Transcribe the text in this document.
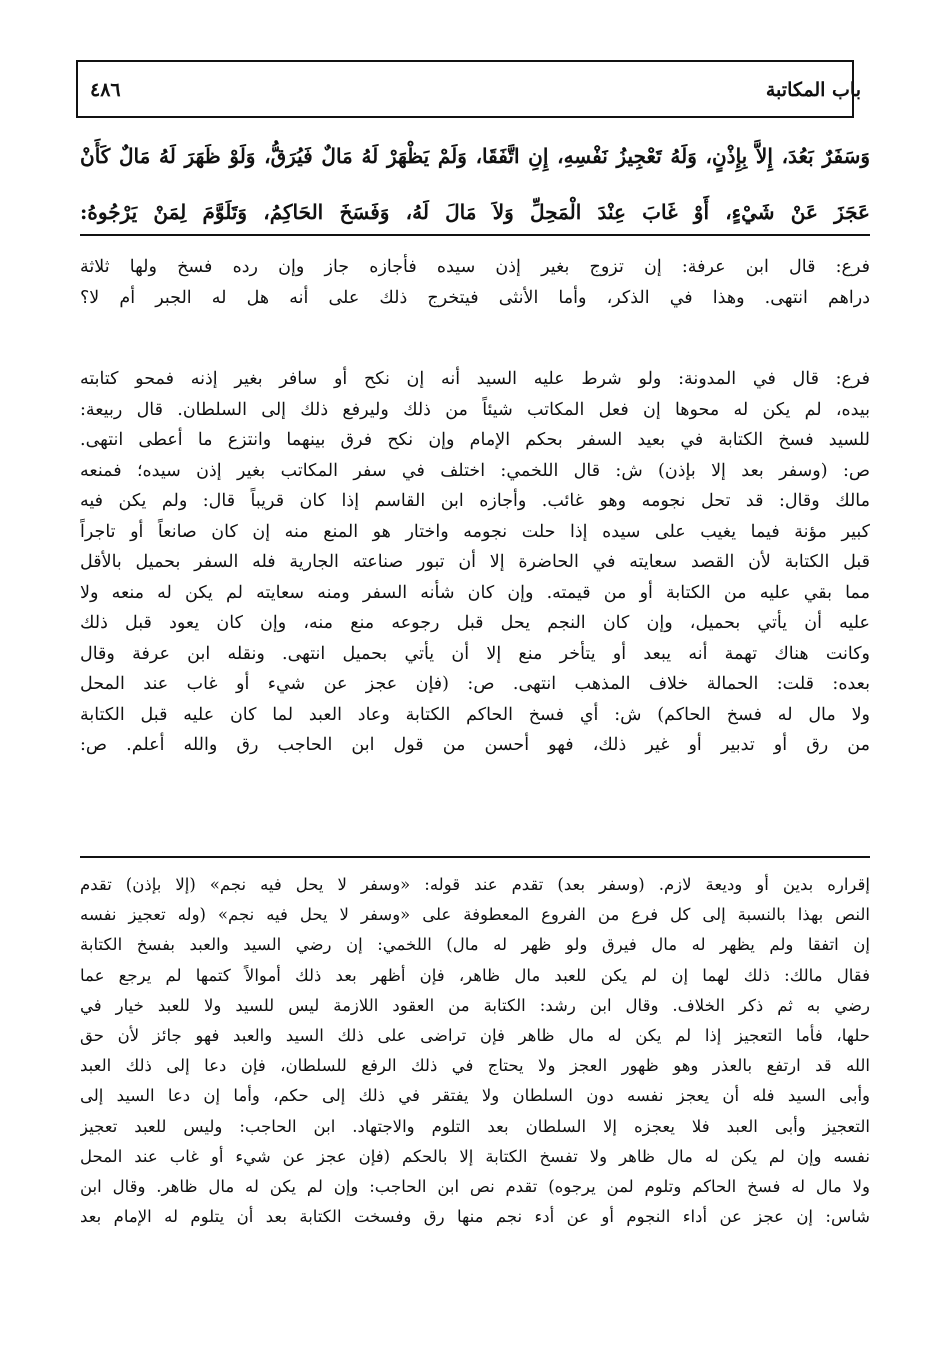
باب المكاتبة
٤٨٦
وَسَفَرٌ بَعُدَ، إِلاَّ بِإِذْنٍ، وَلَهُ تَعْجِيزُ نَفْسِهِ، إِنِ اتَّفَقَا، وَلَمْ يَظْهَرْ لَهُ مَالٌ فَيُرَقُّ، وَلَوْ ظَهَرَ لَهُ مَالٌ كَأَنْ
عَجَزَ عَنْ شَيْءٍ، أَوْ غَابَ عِنْدَ الْمَحِلِّ وَلاَ مَالَ لَهُ، وَفَسَخَ الحَاكِمُ، وَتَلَوَّمَ لِمَنْ يَرْجُوهُ:
فرع: قال ابن عرفة: إن تزوج بغير إذن سيده فأجازه جاز وإن رده فسخ ولها ثلاثة
دراهم انتهى. وهذا في الذكر، وأما الأنثى فيتخرج ذلك على أنه هل له الجبر أم لا؟
فرع: قال في المدونة: ولو شرط عليه السيد أنه إن نكح أو سافر بغير إذنه فمحو كتابته
بيده، لم يكن له محوها إن فعل المكاتب شيئاً من ذلك وليرفع ذلك إلى السلطان. قال ربيعة:
للسيد فسخ الكتابة في بعيد السفر بحكم الإمام وإن نكح فرق بينهما وانتزع ما أعطى انتهى.
ص: (وسفر بعد إلا بإذن) ش: قال اللخمي: اختلف في سفر المكاتب بغير إذن سيده؛ فمنعه
مالك وقال: قد تحل نجومه وهو غائب. وأجازه ابن القاسم إذا كان قريباً قال: ولم يكن فيه
كبير مؤنة فيما يغيب على سيده إذا حلت نجومه واختار هو المنع منه إن كان صانعاً أو تاجراً
قبل الكتابة لأن القصد سعايته في الحاضرة إلا أن تبور صناعته الجارية فله السفر بحميل بالأقل
مما بقي عليه من الكتابة أو من قيمته. وإن كان شأنه السفر ومنه سعايته لم يكن له منعه ولا
عليه أن يأتي بحميل، وإن كان النجم يحل قبل رجوعه منع منه، وإن كان يعود قبل ذلك
وكانت هناك تهمة أنه يبعد أو يتأخر منع إلا أن يأتي بحميل انتهى. ونقله ابن عرفة وقال
بعده: قلت: الحمالة خلاف المذهب انتهى. ص: (فإن عجز عن شيء أو غاب عند المحل
ولا مال له فسخ الحاكم) ش: أي فسخ الحاكم الكتابة وعاد العبد لما كان عليه قبل الكتابة
من رق أو تدبير أو غير ذلك، فهو أحسن من قول ابن الحاجب رق والله أعلم. ص:
إقراره بدين أو وديعة لازم. (وسفر بعد) تقدم عند قوله: «وسفر لا يحل فيه نجم» (إلا بإذن) تقدم
النص بهذا بالنسبة إلى كل فرع من الفروع المعطوفة على «وسفر لا يحل فيه نجم» (وله تعجيز نفسه
إن اتفقا ولم يظهر له مال فيرق ولو ظهر له مال) اللخمي: إن رضي السيد والعبد بفسخ الكتابة
فقال مالك: ذلك لهما إن لم يكن للعبد مال ظاهر، فإن أظهر بعد ذلك أموالاً كتمها لم يرجع عما
رضي به ثم ذكر الخلاف. وقال ابن رشد: الكتابة من العقود اللازمة ليس للسيد ولا للعبد خيار في
حلها، فأما التعجيز إذا لم يكن له مال ظاهر فإن تراضى على ذلك السيد والعبد فهو جائز لأن حق
الله قد ارتفع بالعذر وهو ظهور العجز ولا يحتاج في ذلك الرفع للسلطان، فإن دعا إلى ذلك العبد
وأبى السيد فله أن يعجز نفسه دون السلطان ولا يفتقر في ذلك إلى حكم، وأما إن دعا السيد إلى
التعجيز وأبى العبد فلا يعجزه إلا السلطان بعد التلوم والاجتهاد. ابن الحاجب: وليس للعبد تعجيز
نفسه وإن لم يكن له مال ظاهر ولا تفسخ الكتابة إلا بالحكم (فإن عجز عن شيء أو غاب عند المحل
ولا مال له فسخ الحاكم وتلوم لمن يرجوه) تقدم نص ابن الحاجب: وإن لم يكن له مال ظاهر. وقال ابن
شاس: إن عجز عن أداء النجوم أو عن أدء نجم منها رق وفسخت الكتابة بعد أن يتلوم له الإمام بعد
